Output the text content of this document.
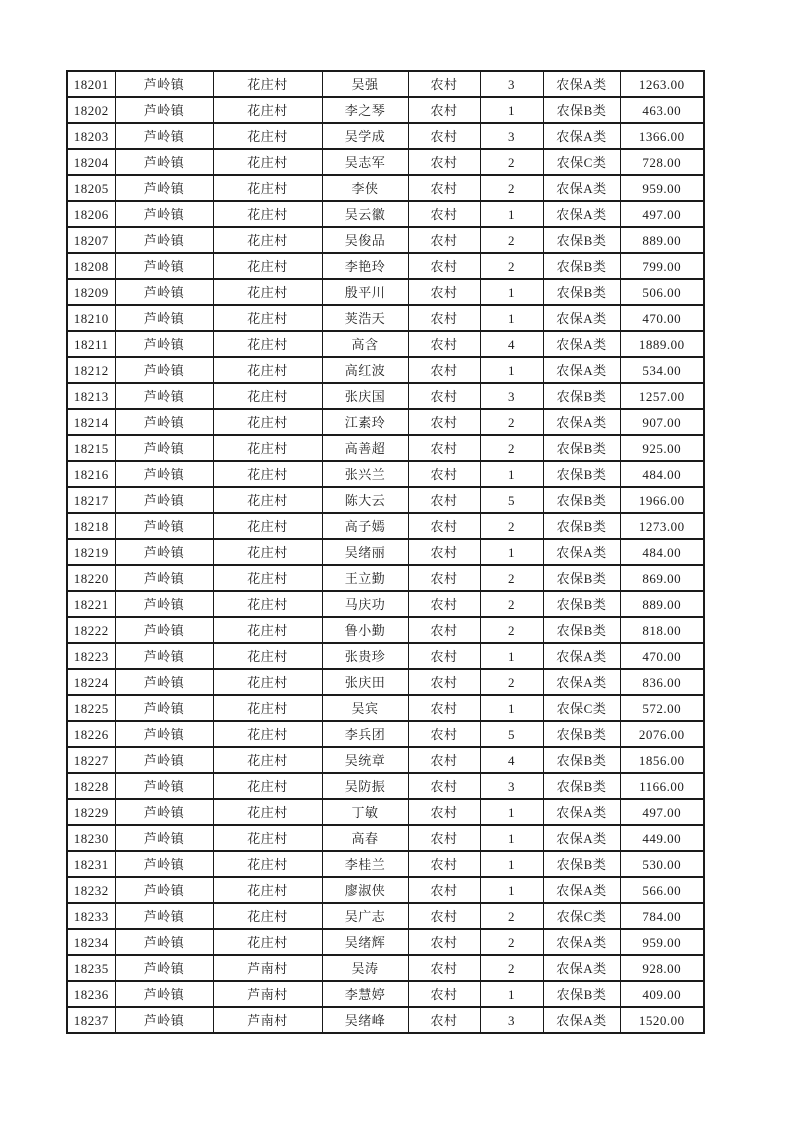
18201	芦岭镇	花庄村	吴强	农村	3	农保A类	1263.00
18202	芦岭镇	花庄村	李之琴	农村	1	农保B类	463.00
18203	芦岭镇	花庄村	吴学成	农村	3	农保A类	1366.00
18204	芦岭镇	花庄村	吴志军	农村	2	农保C类	728.00
18205	芦岭镇	花庄村	李侠	农村	2	农保A类	959.00
18206	芦岭镇	花庄村	吴云徽	农村	1	农保A类	497.00
18207	芦岭镇	花庄村	吴俊品	农村	2	农保B类	889.00
18208	芦岭镇	花庄村	李艳玲	农村	2	农保B类	799.00
18209	芦岭镇	花庄村	殷平川	农村	1	农保B类	506.00
18210	芦岭镇	花庄村	荚浩天	农村	1	农保A类	470.00
18211	芦岭镇	花庄村	高含	农村	4	农保A类	1889.00
18212	芦岭镇	花庄村	高红波	农村	1	农保A类	534.00
18213	芦岭镇	花庄村	张庆国	农村	3	农保B类	1257.00
18214	芦岭镇	花庄村	江素玲	农村	2	农保A类	907.00
18215	芦岭镇	花庄村	高善超	农村	2	农保B类	925.00
18216	芦岭镇	花庄村	张兴兰	农村	1	农保B类	484.00
18217	芦岭镇	花庄村	陈大云	农村	5	农保B类	1966.00
18218	芦岭镇	花庄村	高子嫣	农村	2	农保B类	1273.00
18219	芦岭镇	花庄村	吴绪丽	农村	1	农保A类	484.00
18220	芦岭镇	花庄村	王立勤	农村	2	农保B类	869.00
18221	芦岭镇	花庄村	马庆功	农村	2	农保B类	889.00
18222	芦岭镇	花庄村	鲁小勤	农村	2	农保B类	818.00
18223	芦岭镇	花庄村	张贵珍	农村	1	农保A类	470.00
18224	芦岭镇	花庄村	张庆田	农村	2	农保A类	836.00
18225	芦岭镇	花庄村	吴宾	农村	1	农保C类	572.00
18226	芦岭镇	花庄村	李兵团	农村	5	农保B类	2076.00
18227	芦岭镇	花庄村	吴统章	农村	4	农保B类	1856.00
18228	芦岭镇	花庄村	吴防振	农村	3	农保B类	1166.00
18229	芦岭镇	花庄村	丁敏	农村	1	农保A类	497.00
18230	芦岭镇	花庄村	高春	农村	1	农保A类	449.00
18231	芦岭镇	花庄村	李桂兰	农村	1	农保B类	530.00
18232	芦岭镇	花庄村	廖淑侠	农村	1	农保A类	566.00
18233	芦岭镇	花庄村	吴广志	农村	2	农保C类	784.00
18234	芦岭镇	花庄村	吴绪辉	农村	2	农保A类	959.00
18235	芦岭镇	芦南村	吴涛	农村	2	农保A类	928.00
18236	芦岭镇	芦南村	李慧婷	农村	1	农保B类	409.00
18237	芦岭镇	芦南村	吴绪峰	农村	3	农保A类	1520.00
